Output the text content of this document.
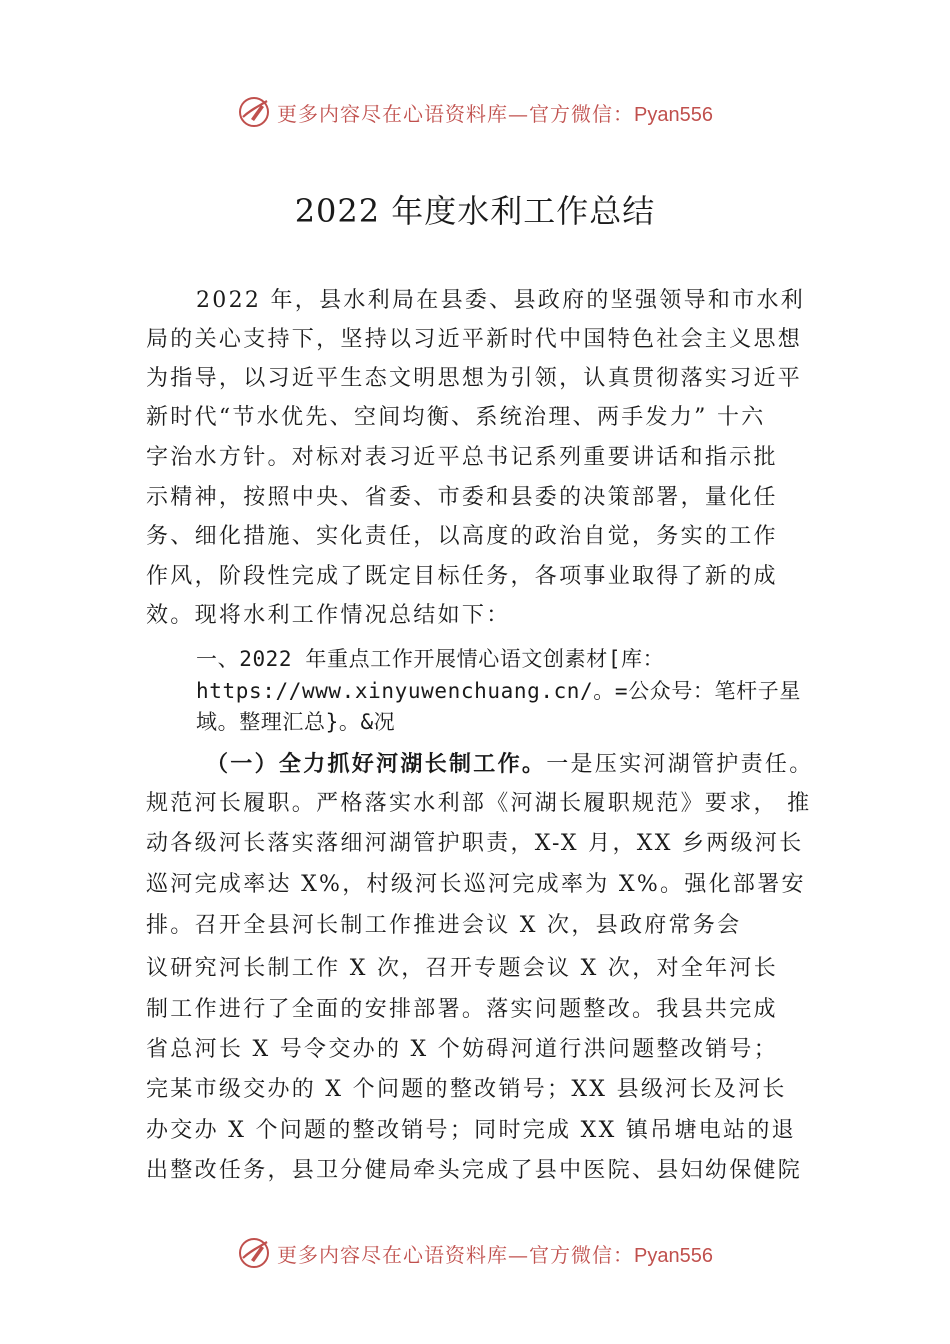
更多内容尽在心语资料库—官方微信：Pyan556
2022 年度水利工作总结
2022 年，县水利局在县委、县政府的坚强领导和市水利
局的关心支持下，坚持以习近平新时代中国特色社会主义思想
为指导，以习近平生态文明思想为引领，认真贯彻落实习近平
新时代“节水优先、空间均衡、系统治理、两手发力” 十六
字治水方针。对标对表习近平总书记系列重要讲话和指示批
示精神，按照中央、省委、市委和县委的决策部署，量化任
务、细化措施、实化责任，以高度的政治自觉，务实的工作
作风，阶段性完成了既定目标任务，各项事业取得了新的成
效。现将水利工作情况总结如下：
一、2022 年重点工作开展情心语文创素材[库：
https://www.xinyuwenchuang.cn/。=公众号：笔杆子星
域。整理汇总}。&况
（一）全力抓好河湖长制工作。一是压实河湖管护责任。
规范河长履职。严格落实水利部《河湖长履职规范》要求， 推
动各级河长落实落细河湖管护职责，X-X 月，XX 乡两级河长
巡河完成率达 X%，村级河长巡河完成率为 X%。强化部署安
排。召开全县河长制工作推进会议 X 次，县政府常务会
议研究河长制工作 X 次，召开专题会议 X 次，对全年河长
制工作进行了全面的安排部署。落实问题整改。我县共完成
省总河长 X 号令交办的 X 个妨碍河道行洪问题整改销号；
完某市级交办的 X 个问题的整改销号；XX 县级河长及河长
办交办 X 个问题的整改销号；同时完成 XX 镇吊塘电站的退
出整改任务，县卫分健局牵头完成了县中医院、县妇幼保健院
更多内容尽在心语资料库—官方微信：Pyan556
